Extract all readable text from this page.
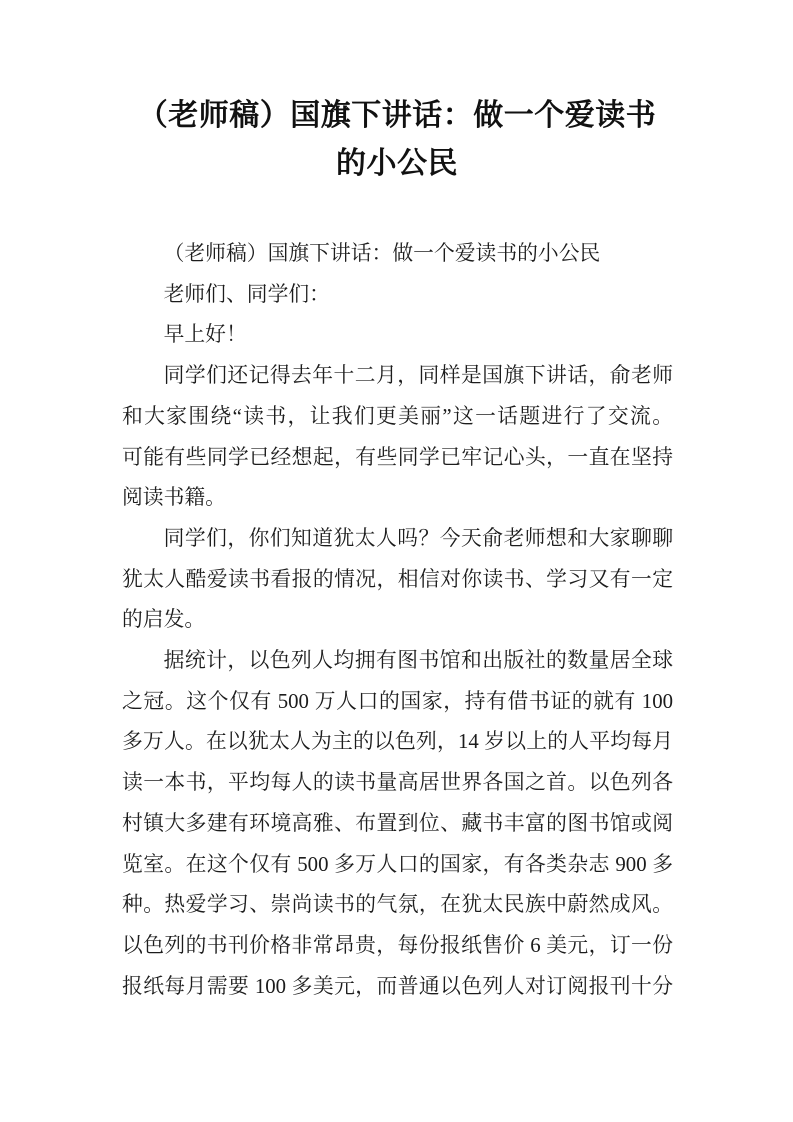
（老师稿）国旗下讲话：做一个爱读书
的小公民
（老师稿）国旗下讲话：做一个爱读书的小公民
老师们、同学们：
早上好！
同学们还记得去年十二月，同样是国旗下讲话，俞老师
和大家围绕“读书，让我们更美丽”这一话题进行了交流。
可能有些同学已经想起，有些同学已牢记心头，一直在坚持
阅读书籍。
同学们，你们知道犹太人吗？今天俞老师想和大家聊聊
犹太人酷爱读书看报的情况，相信对你读书、学习又有一定
的启发。
据统计，以色列人均拥有图书馆和出版社的数量居全球
之冠。这个仅有 500 万人口的国家，持有借书证的就有 100
多万人。在以犹太人为主的以色列，14 岁以上的人平均每月
读一本书，平均每人的读书量高居世界各国之首。以色列各
村镇大多建有环境高雅、布置到位、藏书丰富的图书馆或阅
览室。在这个仅有 500 多万人口的国家，有各类杂志 900 多
种。热爱学习、崇尚读书的气氛，在犹太民族中蔚然成风。
以色列的书刊价格非常昂贵，每份报纸售价 6 美元，订一份
报纸每月需要 100 多美元，而普通以色列人对订阅报刊十分
